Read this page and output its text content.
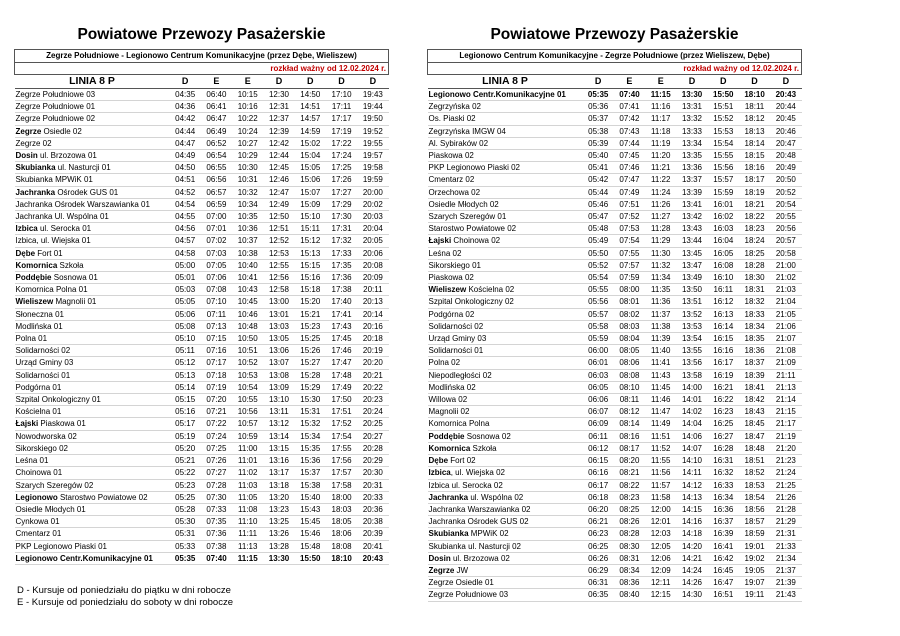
Powiatowe Przewozy Pasażerskie
Zegrze Południowe - Legionowo Centrum Komunikacyjne (przez Dębe, Wieliszew)							
rozkład ważny od 12.02.2024 r.							
LINIA 8 P	D	E	E	D	D	D	D
Zegrze Południowe 03	04:35	06:40	10:15	12:30	14:50	17:10	19:43
Zegrze Południowe 01	04:36	06:41	10:16	12:31	14:51	17:11	19:44
Zegrze Południowe 02	04:42	06:47	10:22	12:37	14:57	17:17	19:50
Zegrze Osiedle 02	04:44	06:49	10:24	12:39	14:59	17:19	19:52
Zegrze 02	04:47	06:52	10:27	12:42	15:02	17:22	19:55
Dosin ul. Brzozowa 01	04:49	06:54	10:29	12:44	15:04	17:24	19:57
Skubianka ul. Nasturcji 01	04:50	06:55	10:30	12:45	15:05	17:25	19:58
Skubianka MPWiK 01	04:51	06:56	10:31	12:46	15:06	17:26	19:59
Jachranka Ośrodek GUS 01	04:52	06:57	10:32	12:47	15:07	17:27	20:00
Jachranka Ośrodek Warszawianka 01	04:54	06:59	10:34	12:49	15:09	17:29	20:02
Jachranka Ul. Wspólna 01	04:55	07:00	10:35	12:50	15:10	17:30	20:03
Izbica ul. Serocka 01	04:56	07:01	10:36	12:51	15:11	17:31	20:04
Izbica, ul. Wiejska 01	04:57	07:02	10:37	12:52	15:12	17:32	20:05
Dębe Fort 01	04:58	07:03	10:38	12:53	15:13	17:33	20:06
Komornica Szkoła	05:00	07:05	10:40	12:55	15:15	17:35	20:08
Poddębie Sosnowa 01	05:01	07:06	10:41	12:56	15:16	17:36	20:09
Komornica Polna 01	05:03	07:08	10:43	12:58	15:18	17:38	20:11
Wieliszew Magnolii 01	05:05	07:10	10:45	13:00	15:20	17:40	20:13
Słoneczna 01	05:06	07:11	10:46	13:01	15:21	17:41	20:14
Modlińska 01	05:08	07:13	10:48	13:03	15:23	17:43	20:16
Polna 01	05:10	07:15	10:50	13:05	15:25	17:45	20:18
Solidarności 02	05:11	07:16	10:51	13:06	15:26	17:46	20:19
Urząd Gminy 03	05:12	07:17	10:52	13:07	15:27	17:47	20:20
Solidarności 01	05:13	07:18	10:53	13:08	15:28	17:48	20:21
Podgórna 01	05:14	07:19	10:54	13:09	15:29	17:49	20:22
Szpital Onkologiczny 01	05:15	07:20	10:55	13:10	15:30	17:50	20:23
Kościelna 01	05:16	07:21	10:56	13:11	15:31	17:51	20:24
Łajski Piaskowa 01	05:17	07:22	10:57	13:12	15:32	17:52	20:25
Nowodworska 02	05:19	07:24	10:59	13:14	15:34	17:54	20:27
Sikorskiego 02	05:20	07:25	11:00	13:15	15:35	17:55	20:28
Leśna 01	05:21	07:26	11:01	13:16	15:36	17:56	20:29
Choinowa 01	05:22	07:27	11:02	13:17	15:37	17:57	20:30
Szarych Szeregów 02	05:23	07:28	11:03	13:18	15:38	17:58	20:31
Legionowo Starostwo Powiatowe 02	05:25	07:30	11:05	13:20	15:40	18:00	20:33
Osiedle Młodych 01	05:28	07:33	11:08	13:23	15:43	18:03	20:36
Cynkowa 01	05:30	07:35	11:10	13:25	15:45	18:05	20:38
Cmentarz 01	05:31	07:36	11:11	13:26	15:46	18:06	20:39
PKP Legionowo Piaski 01	05:33	07:38	11:13	13:28	15:48	18:08	20:41
Legionowo Centr.Komunikacyjne 01	05:35	07:40	11:15	13:30	15:50	18:10	20:43
Powiatowe Przewozy Pasażerskie
Legionowo Centrum Komunikacyjne - Zegrze Południowe (przez Wieliszew, Dębe)							
rozkład ważny od 12.02.2024 r.							
LINIA 8 P	D	E	E	D	D	D	D
Legionowo Centr.Komunikacyjne 01	05:35	07:40	11:15	13:30	15:50	18:10	20:43
Zegrzyńska 02	05:36	07:41	11:16	13:31	15:51	18:11	20:44
Os. Piaski 02	05:37	07:42	11:17	13:32	15:52	18:12	20:45
Zegrzyńska IMGW 04	05:38	07:43	11:18	13:33	15:53	18:13	20:46
Al. Sybiraków 02	05:39	07:44	11:19	13:34	15:54	18:14	20:47
Piaskowa 02	05:40	07:45	11:20	13:35	15:55	18:15	20:48
PKP Legionowo Piaski 02	05:41	07:46	11:21	13:36	15:56	18:16	20:49
Cmentarz 02	05:42	07:47	11:22	13:37	15:57	18:17	20:50
Orzechowa 02	05:44	07:49	11:24	13:39	15:59	18:19	20:52
Osiedle Młodych 02	05:46	07:51	11:26	13:41	16:01	18:21	20:54
Szarych Szeregów 01	05:47	07:52	11:27	13:42	16:02	18:22	20:55
Starostwo Powiatowe 02	05:48	07:53	11:28	13:43	16:03	18:23	20:56
Łajski Choinowa 02	05:49	07:54	11:29	13:44	16:04	18:24	20:57
Leśna 02	05:50	07:55	11:30	13:45	16:05	18:25	20:58
Sikorskiego 01	05:52	07:57	11:32	13:47	16:08	18:28	21:00
Piaskowa 02	05:54	07:59	11:34	13:49	16:10	18:30	21:02
Wieliszew Kościelna 02	05:55	08:00	11:35	13:50	16:11	18:31	21:03
Szpital Onkologiczny 02	05:56	08:01	11:36	13:51	16:12	18:32	21:04
Podgórna 02	05:57	08:02	11:37	13:52	16:13	18:33	21:05
Solidarności 02	05:58	08:03	11:38	13:53	16:14	18:34	21:06
Urząd Gminy 03	05:59	08:04	11:39	13:54	16:15	18:35	21:07
Solidarności 01	06:00	08:05	11:40	13:55	16:16	18:36	21:08
Polna 02	06:01	08:06	11:41	13:56	16:17	18:37	21:09
Niepodległości 02	06:03	08:08	11:43	13:58	16:19	18:39	21:11
Modlińska 02	06:05	08:10	11:45	14:00	16:21	18:41	21:13
Willowa 02	06:06	08:11	11:46	14:01	16:22	18:42	21:14
Magnolii 02	06:07	08:12	11:47	14:02	16:23	18:43	21:15
Komornica Polna	06:09	08:14	11:49	14:04	16:25	18:45	21:17
Poddębie Sosnowa 02	06:11	08:16	11:51	14:06	16:27	18:47	21:19
Komornica Szkoła	06:12	08:17	11:52	14:07	16:28	18:48	21:20
Dębe Fort 02	06:15	08:20	11:55	14:10	16:31	18:51	21:23
Izbica, ul. Wiejska 02	06:16	08:21	11:56	14:11	16:32	18:52	21:24
Izbica ul. Serocka 02	06:17	08:22	11:57	14:12	16:33	18:53	21:25
Jachranka ul. Wspólna 02	06:18	08:23	11:58	14:13	16:34	18:54	21:26
Jachranka Warszawianka 02	06:20	08:25	12:00	14:15	16:36	18:56	21:28
Jachranka Ośrodek GUS 02	06:21	08:26	12:01	14:16	16:37	18:57	21:29
Skubianka MPWiK 02	06:23	08:28	12:03	14:18	16:39	18:59	21:31
Skubianka ul. Nasturcji 02	06:25	08:30	12:05	14:20	16:41	19:01	21:33
Dosin ul. Brzozowa 02	06:26	08:31	12:06	14:21	16:42	19:02	21:34
Zegrze JW	06:29	08:34	12:09	14:24	16:45	19:05	21:37
Zegrze Osiedle 01	06:31	08:36	12:11	14:26	16:47	19:07	21:39
Zegrze Południowe 03	06:35	08:40	12:15	14:30	16:51	19:11	21:43
D - Kursuje od poniedziału do piątku w dni robocze
E - Kursuje od poniedziału do soboty w dni robocze
